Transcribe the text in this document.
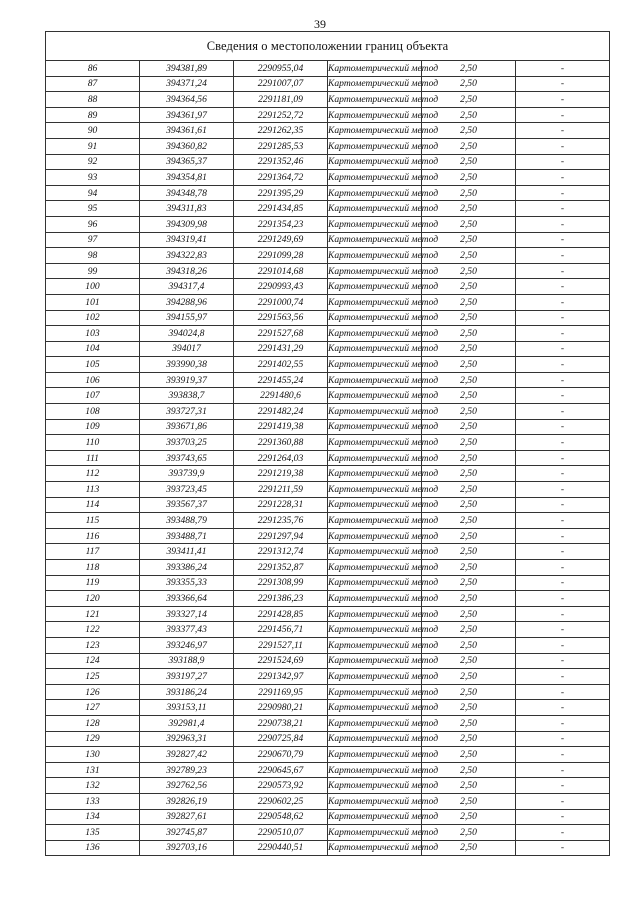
39
Сведения о местоположении границ объекта					
86	394381,89	2290955,04	Картометрический метод	2,50	-
87	394371,24	2291007,07	Картометрический метод	2,50	-
88	394364,56	2291181,09	Картометрический метод	2,50	-
89	394361,97	2291252,72	Картометрический метод	2,50	-
90	394361,61	2291262,35	Картометрический метод	2,50	-
91	394360,82	2291285,53	Картометрический метод	2,50	-
92	394365,37	2291352,46	Картометрический метод	2,50	-
93	394354,81	2291364,72	Картометрический метод	2,50	-
94	394348,78	2291395,29	Картометрический метод	2,50	-
95	394311,83	2291434,85	Картометрический метод	2,50	-
96	394309,98	2291354,23	Картометрический метод	2,50	-
97	394319,41	2291249,69	Картометрический метод	2,50	-
98	394322,83	2291099,28	Картометрический метод	2,50	-
99	394318,26	2291014,68	Картометрический метод	2,50	-
100	394317,4	2290993,43	Картометрический метод	2,50	-
101	394288,96	2291000,74	Картометрический метод	2,50	-
102	394155,97	2291563,56	Картометрический метод	2,50	-
103	394024,8	2291527,68	Картометрический метод	2,50	-
104	394017	2291431,29	Картометрический метод	2,50	-
105	393990,38	2291402,55	Картометрический метод	2,50	-
106	393919,37	2291455,24	Картометрический метод	2,50	-
107	393838,7	2291480,6	Картометрический метод	2,50	-
108	393727,31	2291482,24	Картометрический метод	2,50	-
109	393671,86	2291419,38	Картометрический метод	2,50	-
110	393703,25	2291360,88	Картометрический метод	2,50	-
111	393743,65	2291264,03	Картометрический метод	2,50	-
112	393739,9	2291219,38	Картометрический метод	2,50	-
113	393723,45	2291211,59	Картометрический метод	2,50	-
114	393567,37	2291228,31	Картометрический метод	2,50	-
115	393488,79	2291235,76	Картометрический метод	2,50	-
116	393488,71	2291297,94	Картометрический метод	2,50	-
117	393411,41	2291312,74	Картометрический метод	2,50	-
118	393386,24	2291352,87	Картометрический метод	2,50	-
119	393355,33	2291308,99	Картометрический метод	2,50	-
120	393366,64	2291386,23	Картометрический метод	2,50	-
121	393327,14	2291428,85	Картометрический метод	2,50	-
122	393377,43	2291456,71	Картометрический метод	2,50	-
123	393246,97	2291527,11	Картометрический метод	2,50	-
124	393188,9	2291524,69	Картометрический метод	2,50	-
125	393197,27	2291342,97	Картометрический метод	2,50	-
126	393186,24	2291169,95	Картометрический метод	2,50	-
127	393153,11	2290980,21	Картометрический метод	2,50	-
128	392981,4	2290738,21	Картометрический метод	2,50	-
129	392963,31	2290725,84	Картометрический метод	2,50	-
130	392827,42	2290670,79	Картометрический метод	2,50	-
131	392789,23	2290645,67	Картометрический метод	2,50	-
132	392762,56	2290573,92	Картометрический метод	2,50	-
133	392826,19	2290602,25	Картометрический метод	2,50	-
134	392827,61	2290548,62	Картометрический метод	2,50	-
135	392745,87	2290510,07	Картометрический метод	2,50	-
136	392703,16	2290440,51	Картометрический метод	2,50	-
